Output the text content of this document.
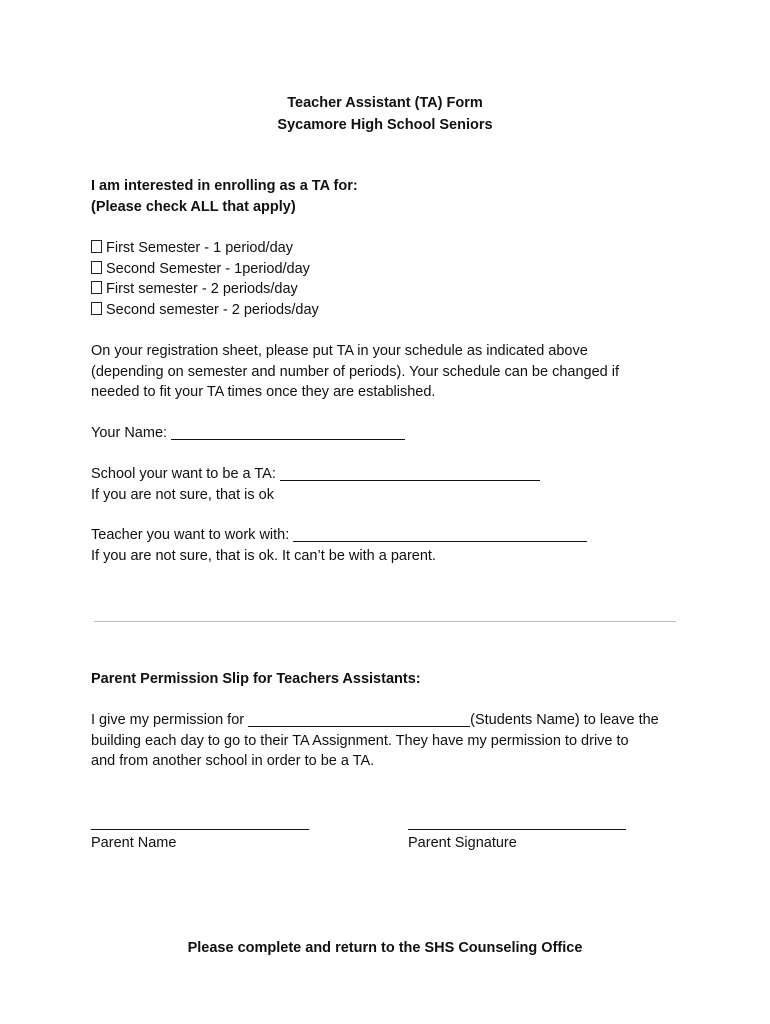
Teacher Assistant (TA) Form
Sycamore High School Seniors
I am interested in enrolling as a TA for:
(Please check ALL that apply)
First Semester - 1 period/day
Second Semester - 1period/day
First semester - 2 periods/day
Second semester - 2 periods/day
On your registration sheet, please put TA in your schedule as indicated above
(depending on semester and number of periods). Your schedule can be changed if
needed to fit your TA times once they are established.
Your Name:
School your want to be a TA:
If you are not sure, that is ok
Teacher you want to work with:
If you are not sure, that is ok. It can’t be with a parent.
Parent Permission Slip for Teachers Assistants:
I give my permission for	(Students Name) to leave the
building each day to go to their TA Assignment. They have my permission to drive to
and from another school in order to be a TA.
Parent Name	Parent Signature
Please complete and return to the SHS Counseling Office
